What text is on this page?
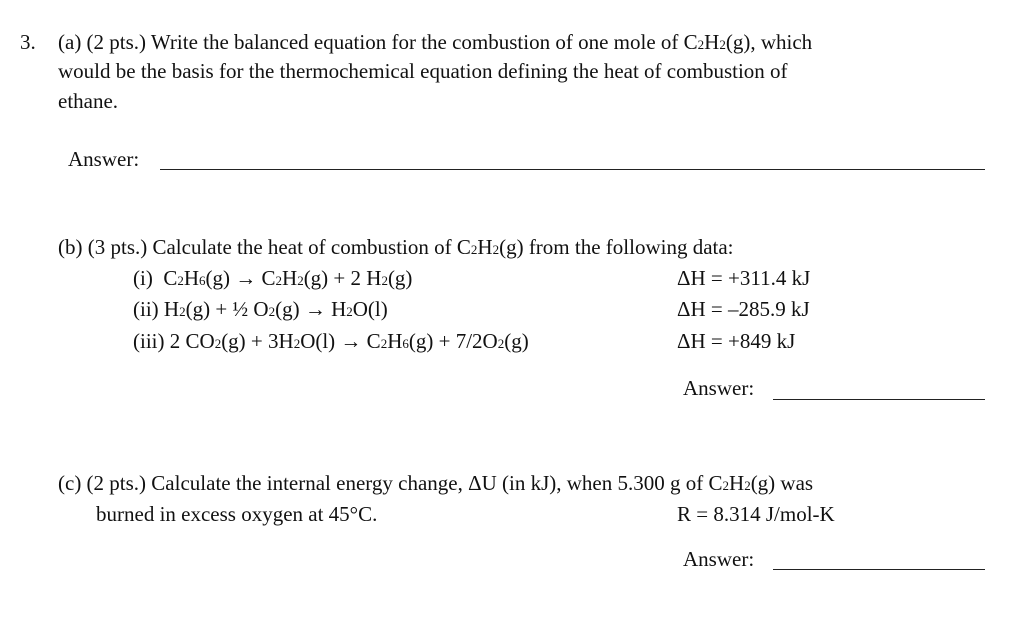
3. (a) (2 pts.) Write the balanced equation for the combustion of one mole of C2H2(g), which
would be the basis for the thermochemical equation defining the heat of combustion of
ethane.
Answer:
(b) (3 pts.) Calculate the heat of combustion of C2H2(g) from the following data:
(i) C2H6(g) → C2H2(g) + 2 H2(g)	ΔH = +311.4 kJ
(ii) H2(g) + ½ O2(g) → H2O(l)	ΔH = –285.9 kJ
(iii) 2 CO2(g) + 3H2O(l) → C2H6(g) + 7/2O2(g)	ΔH = +849 kJ
Answer:
(c) (2 pts.) Calculate the internal energy change, ΔU (in kJ), when 5.300 g of C2H2(g) was
burned in excess oxygen at 45°C.	R = 8.314 J/mol-K
Answer:
